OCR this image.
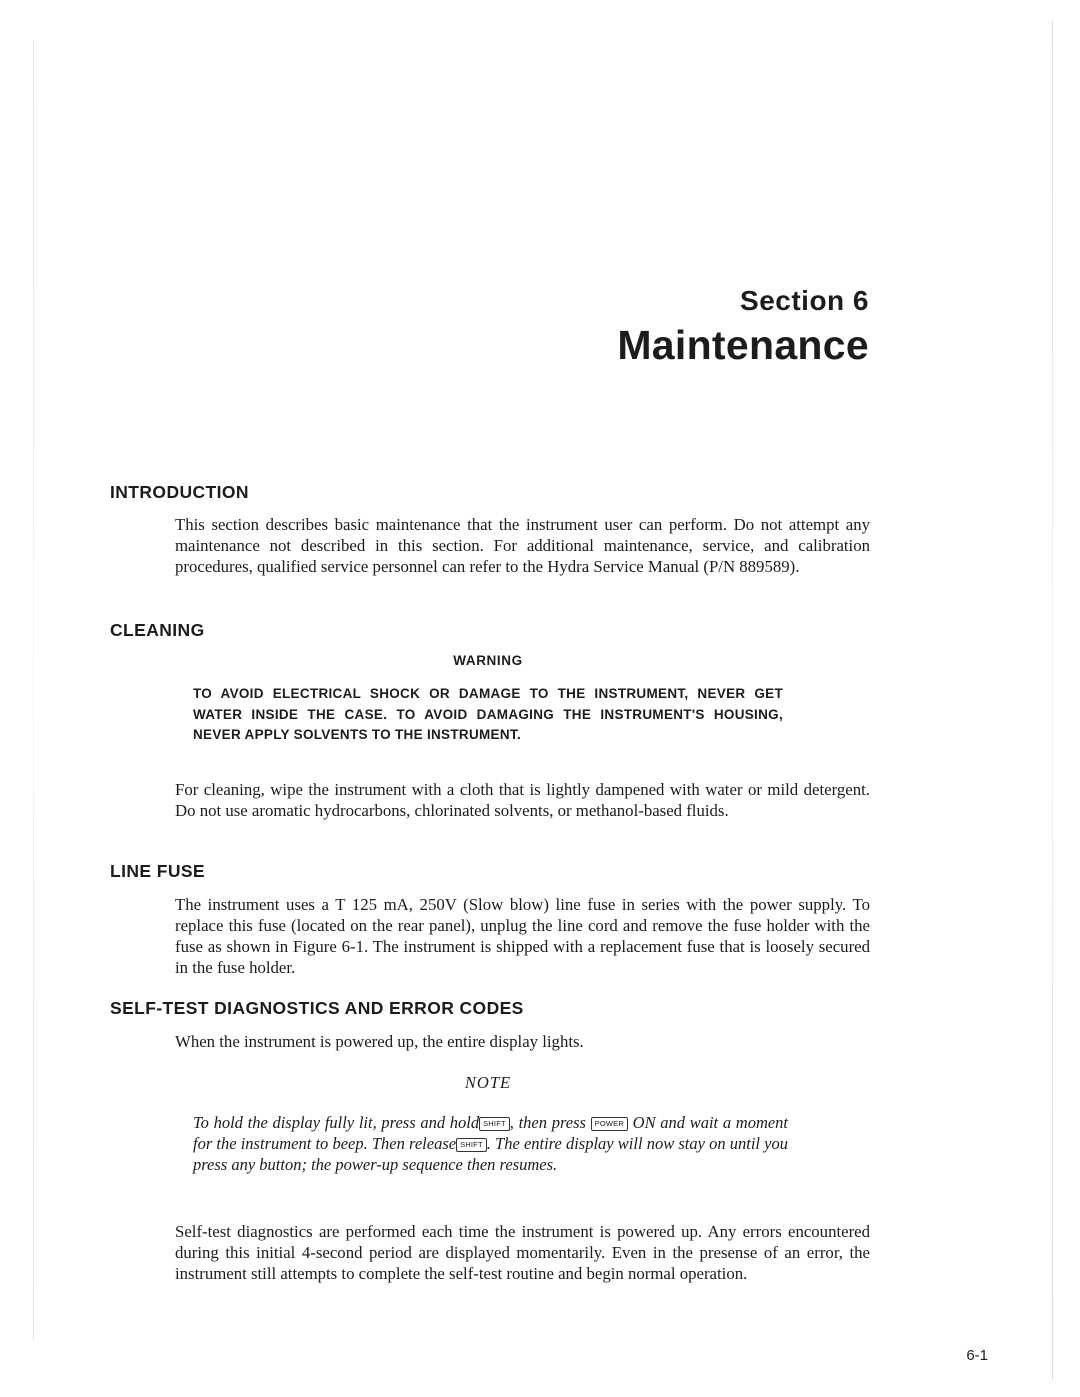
Section 6
Maintenance
INTRODUCTION

This section describes basic maintenance that the instrument user can perform. Do not attempt any maintenance not described in this section. For additional maintenance, service, and calibration procedures, qualified service personnel can refer to the Hydra Service Manual (P/N 889589).

CLEANING

WARNING

TO AVOID ELECTRICAL SHOCK OR DAMAGE TO THE INSTRUMENT, NEVER GET WATER INSIDE THE CASE. TO AVOID DAMAGING THE INSTRUMENT'S HOUSING, NEVER APPLY SOLVENTS TO THE INSTRUMENT.

For cleaning, wipe the instrument with a cloth that is lightly dampened with water or mild detergent. Do not use aromatic hydrocarbons, chlorinated solvents, or methanol-based fluids.

LINE FUSE

The instrument uses a T 125 mA, 250V (Slow blow) line fuse in series with the power supply. To replace this fuse (located on the rear panel), unplug the line cord and remove the fuse holder with the fuse as shown in Figure 6-1. The instrument is shipped with a replacement fuse that is loosely secured in the fuse holder.

SELF-TEST DIAGNOSTICS AND ERROR CODES

When the instrument is powered up, the entire display lights.

NOTE

To hold the display fully lit, press and hold SHIFT , then press POWER ON and wait a moment for the instrument to beep. Then release SHIFT . The entire display will now stay on until you press any button; the power-up sequence then resumes.

Self-test diagnostics are performed each time the instrument is powered up. Any errors encountered during this initial 4-second period are displayed momentarily. Even in the presense of an error, the instrument still attempts to complete the self-test routine and begin normal operation.

6-1
